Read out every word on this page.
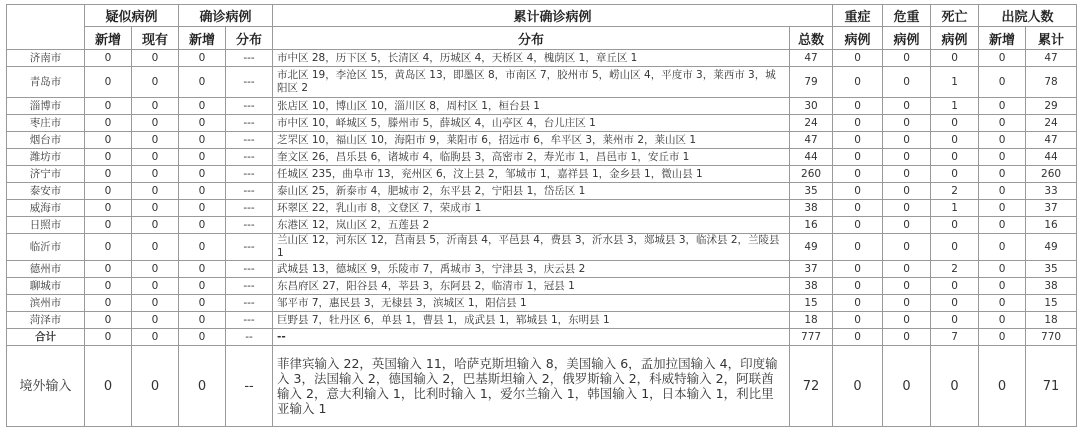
	疑似病例		确诊病例		累计确诊病例		重症	危重	死亡	出院人数	
	新增	现有	新增	分布	分布	总数	病例	病例	病例	新增	累计
济南市	0	0	0	---	市中区 28，历下区 5，长清区 4，历城区 4，天桥区 4，槐荫区 1，章丘区 1	47	0	0	0	0	47
青岛市	0	0	0	---	市北区 19，李沧区 15，黄岛区 13，即墨区 8，市南区 7，胶州市 5，崂山区 4，平度市 3，莱西市 3，城阳区 2	79	0	0	1	0	78
淄博市	0	0	0	---	张店区 10，博山区 10，淄川区 8，周村区 1，桓台县 1	30	0	0	1	0	29
枣庄市	0	0	0	---	市中区 10，峄城区 5，滕州市 5，薛城区 4，山亭区 4，台儿庄区 1	24	0	0	0	0	24
烟台市	0	0	0	---	芝罘区 10，福山区 10，海阳市 9，莱阳市 6，招远市 6，牟平区 3，莱州市 2，莱山区 1	47	0	0	0	0	47
潍坊市	0	0	0	---	奎文区 26，昌乐县 6，诸城市 4，临朐县 3，高密市 2，寿光市 1，昌邑市 1，安丘市 1	44	0	0	0	0	44
济宁市	0	0	0	---	任城区 235，曲阜市 13，兖州区 6，汶上县 2，邹城市 1，嘉祥县 1，金乡县 1，微山县 1	260	0	0	0	0	260
泰安市	0	0	0	---	泰山区 25，新泰市 4，肥城市 2，东平县 2，宁阳县 1，岱岳区 1	35	0	0	2	0	33
威海市	0	0	0	---	环翠区 22，乳山市 8，文登区 7，荣成市 1	38	0	0	1	0	37
日照市	0	0	0	---	东港区 12，岚山区 2，五莲县 2	16	0	0	0	0	16
临沂市	0	0	0	---	兰山区 12，河东区 12，莒南县 5，沂南县 4，平邑县 4，费县 3，沂水县 3，郯城县 3，临沭县 2，兰陵县 1	49	0	0	0	0	49
德州市	0	0	0	---	武城县 13，德城区 9，乐陵市 7，禹城市 3，宁津县 3，庆云县 2	37	0	0	2	0	35
聊城市	0	0	0	---	东昌府区 27，阳谷县 4，莘县 3，东阿县 2，临清市 1，冠县 1	38	0	0	0	0	38
滨州市	0	0	0	---	邹平市 7，惠民县 3，无棣县 3，滨城区 1，阳信县 1	15	0	0	0	0	15
菏泽市	0	0	0	---	巨野县 7，牡丹区 6，单县 1，曹县 1，成武县 1，郓城县 1，东明县 1	18	0	0	0	0	18
合计	0	0	0	--	--	777	0	0	7	0	770
境外输入	0	0	0	--	菲律宾输入 22，英国输入 11，哈萨克斯坦输入 8，美国输入 6，孟加拉国输入 4，印度输入 3，法国输入 2，德国输入 2，巴基斯坦输入 2，俄罗斯输入 2，科威特输入 2，阿联酋输入 2，意大利输入 1，比利时输入 1，爱尔兰输入 1，韩国输入 1，日本输入 1，利比里亚输入 1	72	0	0	0	0	71
